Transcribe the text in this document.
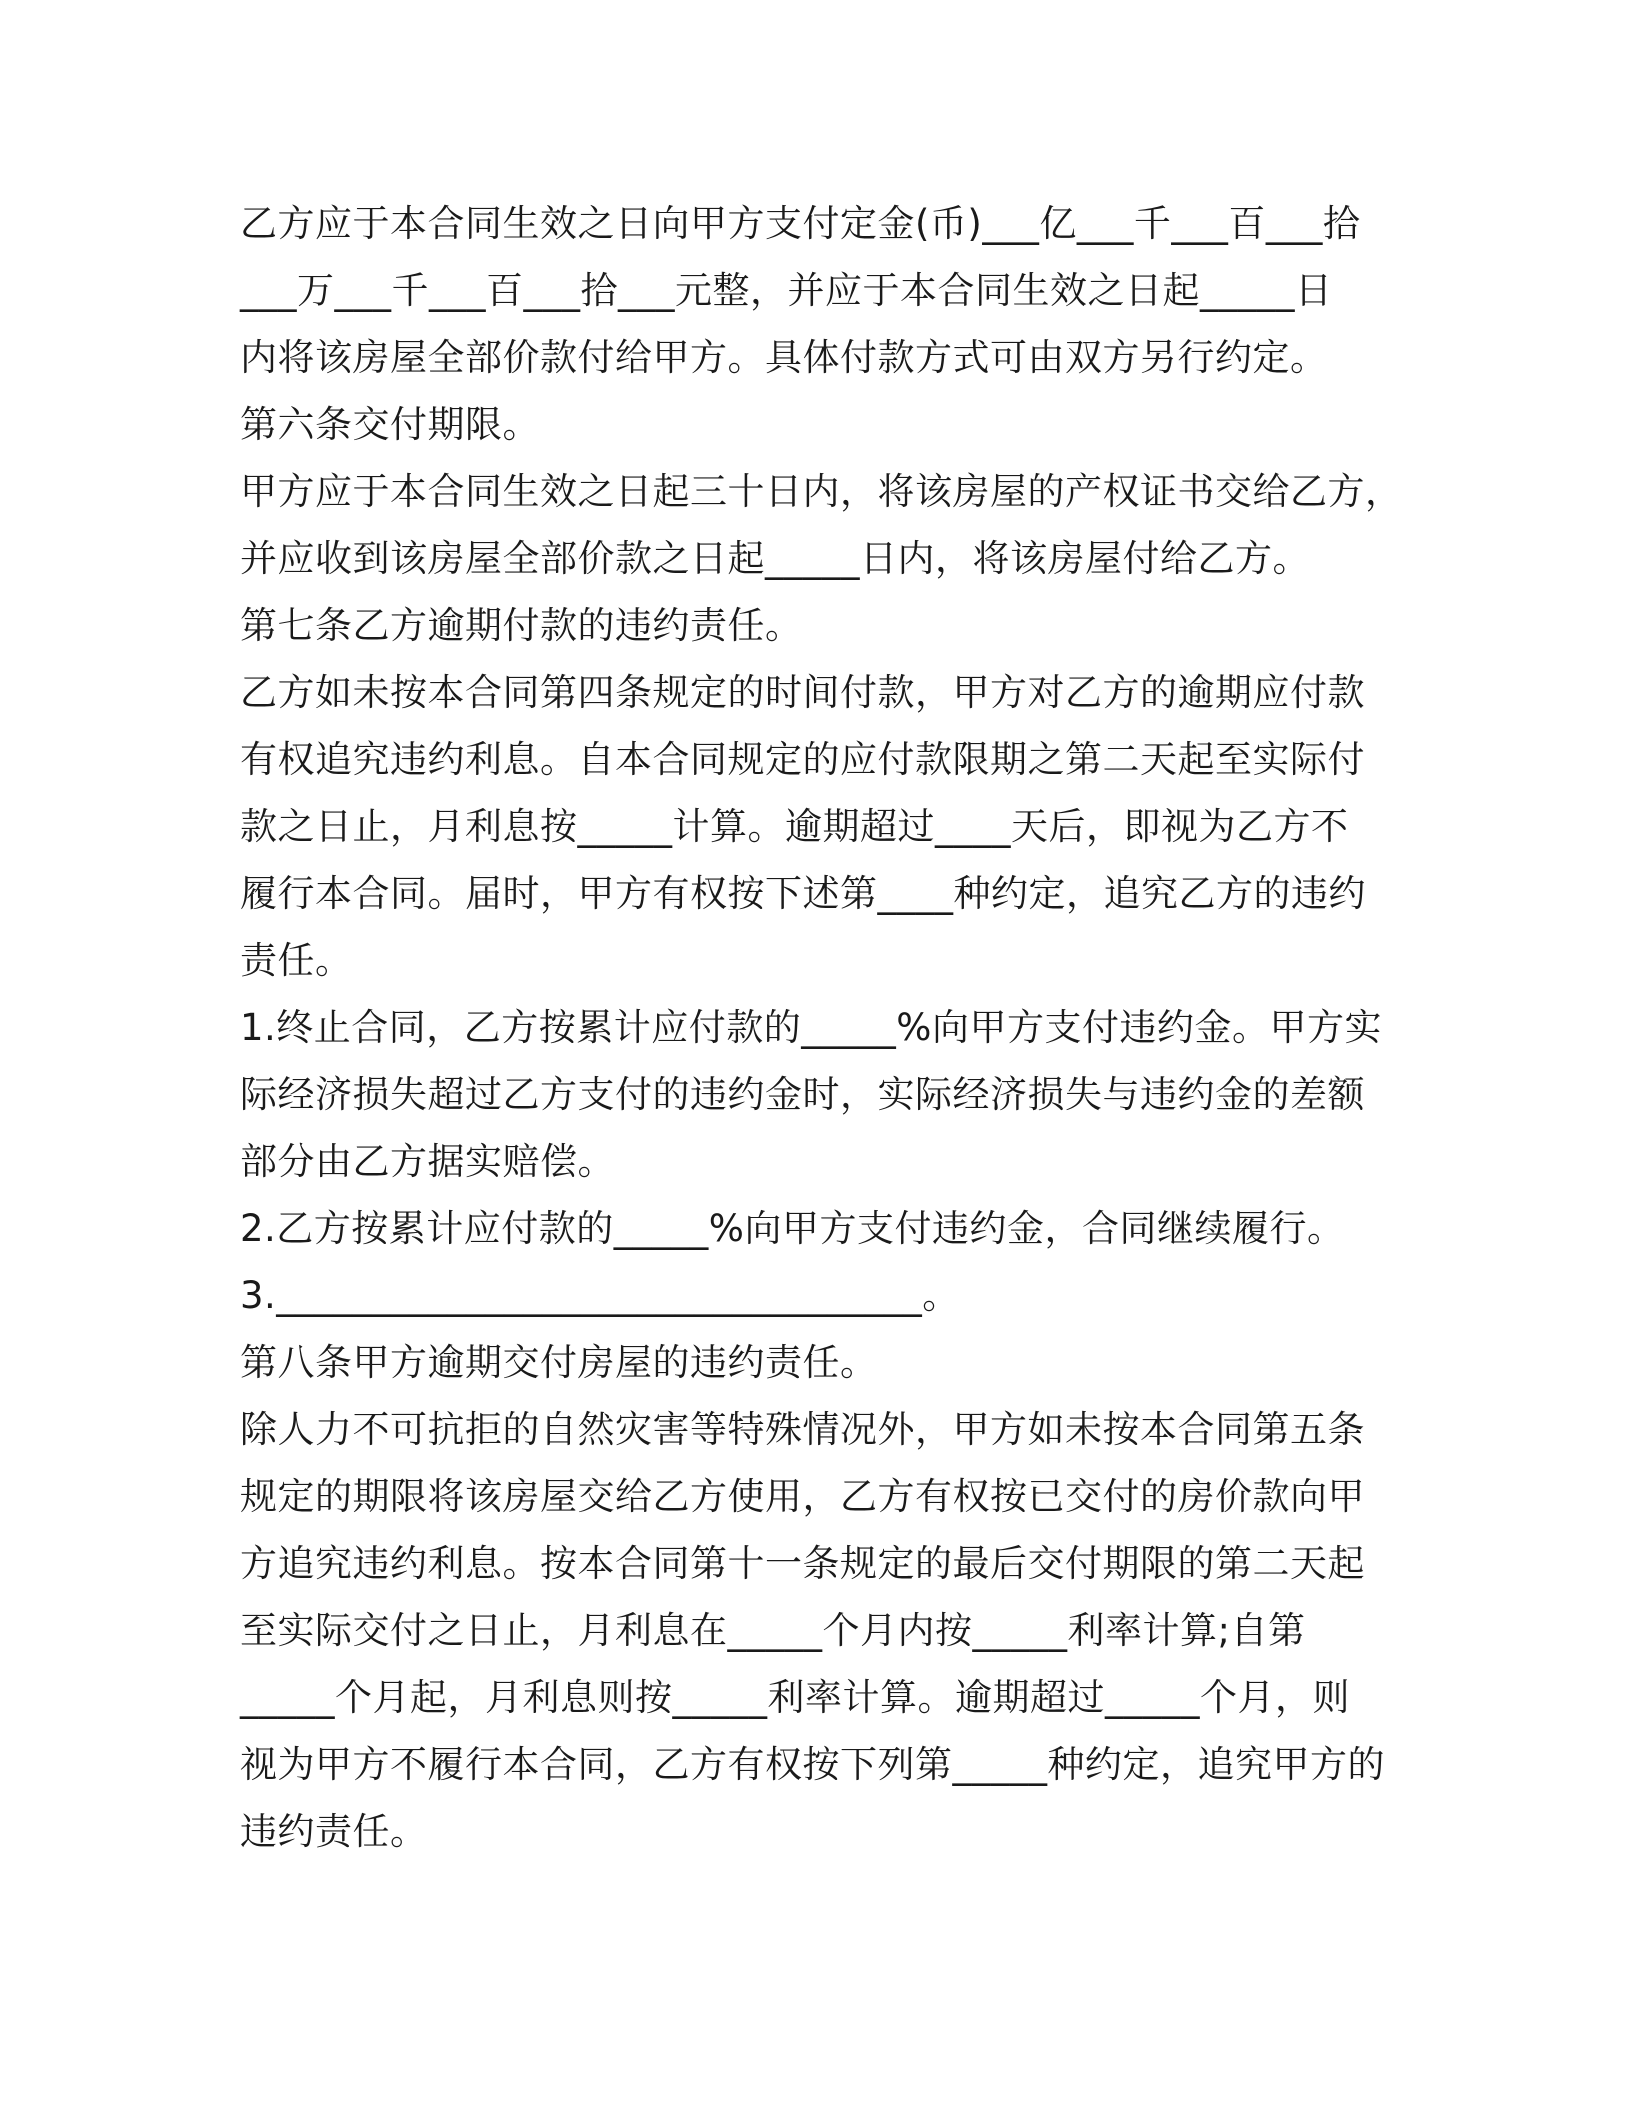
乙方应于本合同生效之日向甲方支付定金(币)___亿___千___百___拾
___万___千___百___拾___元整，并应于本合同生效之日起_____日
内将该房屋全部价款付给甲方。具体付款方式可由双方另行约定。
第六条交付期限。
甲方应于本合同生效之日起三十日内，将该房屋的产权证书交给乙方，
并应收到该房屋全部价款之日起_____日内，将该房屋付给乙方。
第七条乙方逾期付款的违约责任。
乙方如未按本合同第四条规定的时间付款，甲方对乙方的逾期应付款
有权追究违约利息。自本合同规定的应付款限期之第二天起至实际付
款之日止，月利息按_____计算。逾期超过____天后，即视为乙方不
履行本合同。届时，甲方有权按下述第____种约定，追究乙方的违约
责任。
1.终止合同，乙方按累计应付款的_____%向甲方支付违约金。甲方实
际经济损失超过乙方支付的违约金时，实际经济损失与违约金的差额
部分由乙方据实赔偿。
2.乙方按累计应付款的_____%向甲方支付违约金，合同继续履行。
3.__________________________________。
第八条甲方逾期交付房屋的违约责任。
除人力不可抗拒的自然灾害等特殊情况外，甲方如未按本合同第五条
规定的期限将该房屋交给乙方使用，乙方有权按已交付的房价款向甲
方追究违约利息。按本合同第十一条规定的最后交付期限的第二天起
至实际交付之日止，月利息在_____个月内按_____利率计算;自第
_____个月起，月利息则按_____利率计算。逾期超过_____个月，则
视为甲方不履行本合同，乙方有权按下列第_____种约定，追究甲方的
违约责任。
